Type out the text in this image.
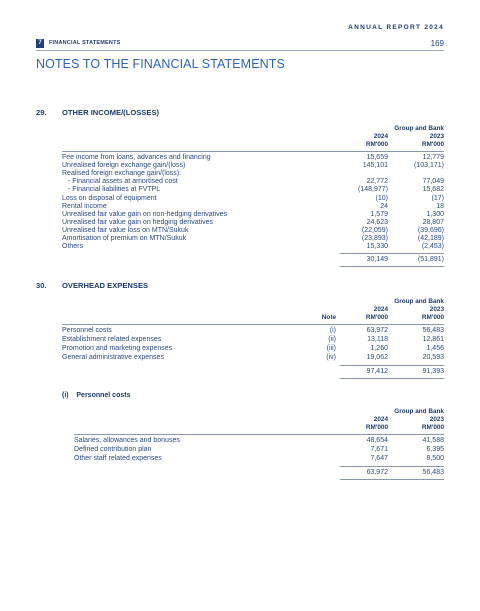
ANNUAL REPORT 2024
7	FINANCIAL STATEMENTS	169
NOTES TO THE FINANCIAL STATEMENTS
29. OTHER INCOME/(LOSSES)
Group and Bank
2024	2023
RM'000	RM'000
Fee income from loans, advances and financing	15,659	12,779
Unrealised foreign exchange gain/(loss)	145,101	(103,171)
Realised foreign exchange gain/(loss):
- Financial assets at amortised cost	22,772	77,049
- Financial liabilities at FVTPL	(148,977)	15,682
Loss on disposal of equipment	(10)	(17)
Rental income	24	18
Unrealised fair value gain on non-hedging derivatives	1,579	1,300
Unrealised fair value gain on hedging derivatives	24,623	28,807
Unrealised fair value loss on MTN/Sukuk	(22,059)	(39,696)
Amortisation of premium on MTN/Sukuk	(23,893)	(42,189)
Others	15,330	(2,453)
30,149	(51,891)
30. OVERHEAD EXPENSES
Group and Bank
2024	2023
Note	RM'000	RM'000
Personnel costs	(i)	63,972	56,483
Establishment related expenses	(ii)	13,118	12,861
Promotion and marketing expenses	(iii)	1,260	1,456
General administrative expenses	(iv)	19,062	20,593
97,412	91,393
(i)    Personnel costs
Group and Bank
2024	2023
RM'000	RM'000
Salaries, allowances and bonuses	48,654	41,588
Defined contribution plan	7,671	6,395
Other staff related expenses	7,647	8,500
63,972	56,483
